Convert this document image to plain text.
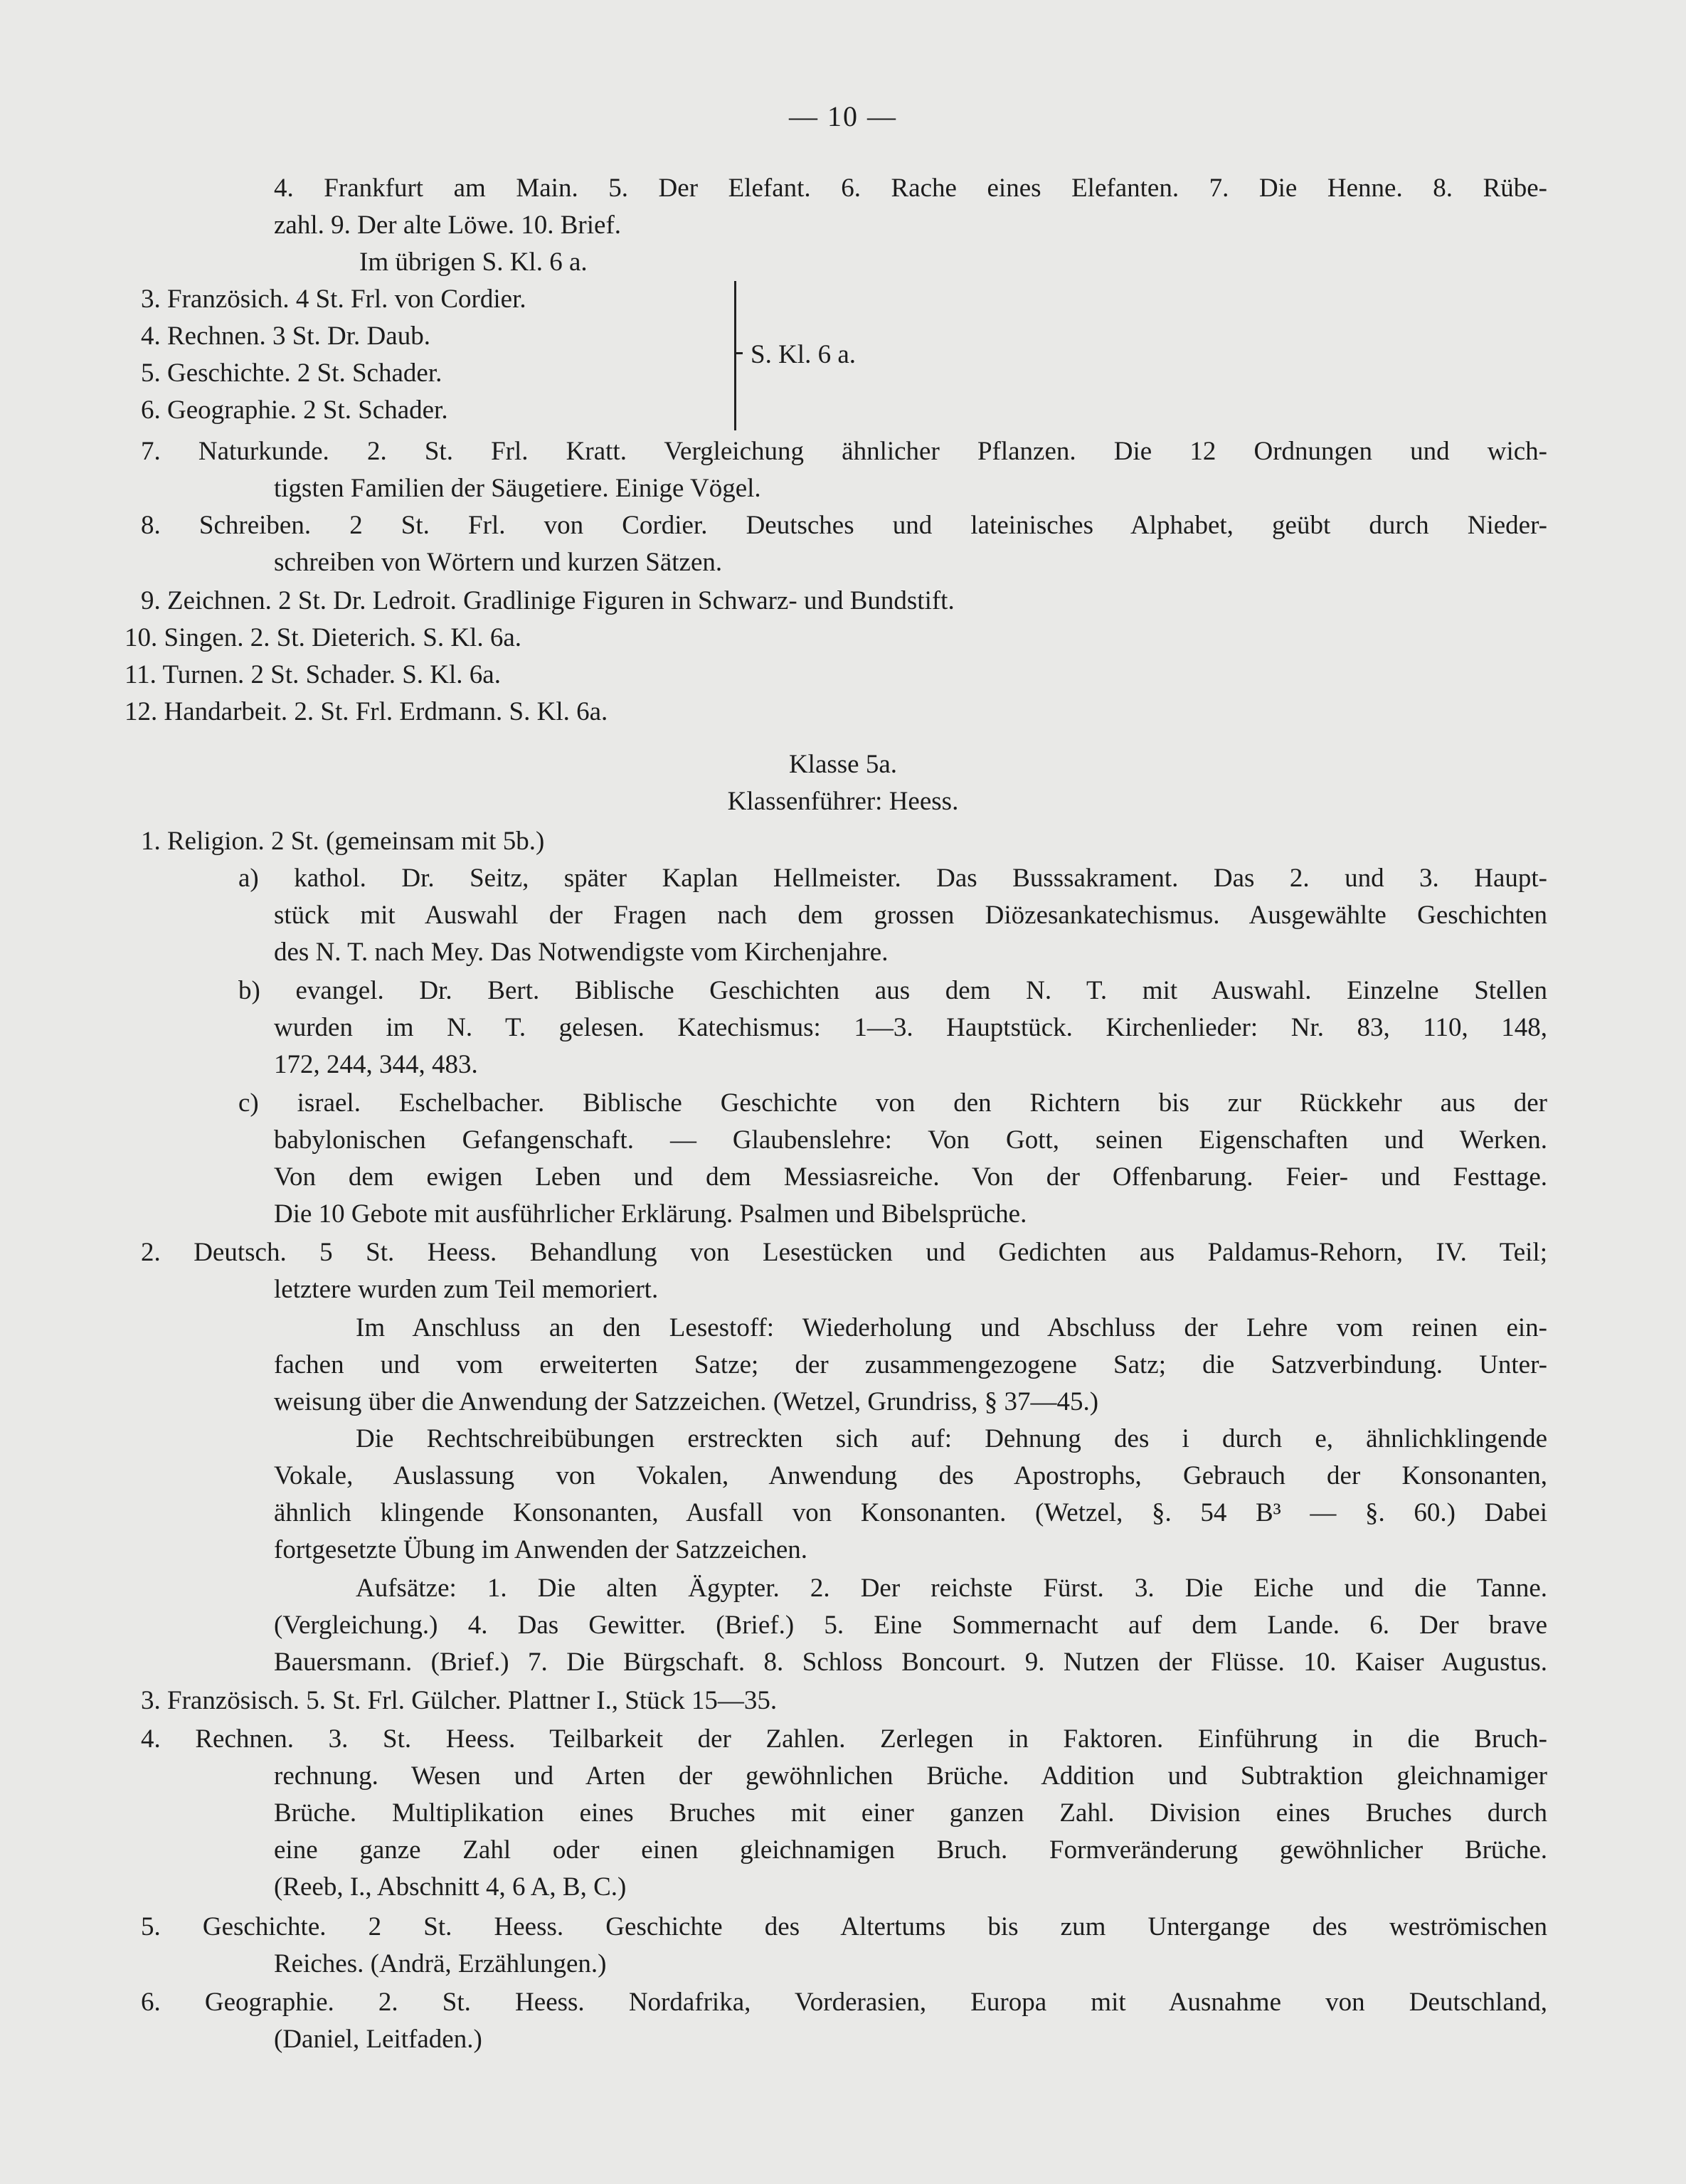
— 10 —
4. Frankfurt am Main. 5. Der Elefant. 6. Rache eines Elefanten. 7. Die Henne. 8. Rübe-
zahl. 9. Der alte Löwe. 10. Brief.
Im übrigen S. Kl. 6 a.
3. Französich. 4 St. Frl. von Cordier.
4. Rechnen. 3 St. Dr. Daub.
5. Geschichte. 2 St. Schader.
6. Geographie. 2 St. Schader.
S. Kl. 6 a.
7. Naturkunde. 2. St. Frl. Kratt. Vergleichung ähnlicher Pflanzen. Die 12 Ordnungen und wich-
tigsten Familien der Säugetiere. Einige Vögel.
8. Schreiben. 2 St. Frl. von Cordier. Deutsches und lateinisches Alphabet, geübt durch Nieder-
schreiben von Wörtern und kurzen Sätzen.
9. Zeichnen. 2 St. Dr. Ledroit. Gradlinige Figuren in Schwarz- und Bundstift.
10. Singen. 2. St. Dieterich. S. Kl. 6a.
11. Turnen. 2 St. Schader. S. Kl. 6a.
12. Handarbeit. 2. St. Frl. Erdmann. S. Kl. 6a.
Klasse 5a.
Klassenführer: Heess.
1. Religion. 2 St. (gemeinsam mit 5b.)
a) kathol. Dr. Seitz, später Kaplan Hellmeister. Das Busssakrament. Das 2. und 3. Haupt-
stück mit Auswahl der Fragen nach dem grossen Diözesankatechismus. Ausgewählte Geschichten
des N. T. nach Mey. Das Notwendigste vom Kirchenjahre.
b) evangel. Dr. Bert. Biblische Geschichten aus dem N. T. mit Auswahl. Einzelne Stellen
wurden im N. T. gelesen. Katechismus: 1—3. Hauptstück. Kirchenlieder: Nr. 83, 110, 148,
172, 244, 344, 483.
c) israel. Eschelbacher. Biblische Geschichte von den Richtern bis zur Rückkehr aus der
babylonischen Gefangenschaft. — Glaubenslehre: Von Gott, seinen Eigenschaften und Werken.
Von dem ewigen Leben und dem Messiasreiche. Von der Offenbarung. Feier- und Festtage.
Die 10 Gebote mit ausführlicher Erklärung. Psalmen und Bibelsprüche.
2. Deutsch. 5 St. Heess. Behandlung von Lesestücken und Gedichten aus Paldamus-Rehorn, IV. Teil;
letztere wurden zum Teil memoriert.
Im Anschluss an den Lesestoff: Wiederholung und Abschluss der Lehre vom reinen ein-
fachen und vom erweiterten Satze; der zusammengezogene Satz; die Satzverbindung. Unter-
weisung über die Anwendung der Satzzeichen. (Wetzel, Grundriss, § 37—45.)
Die Rechtschreibübungen erstreckten sich auf: Dehnung des i durch e, ähnlichklingende
Vokale, Auslassung von Vokalen, Anwendung des Apostrophs, Gebrauch der Konsonanten,
ähnlich klingende Konsonanten, Ausfall von Konsonanten. (Wetzel, §. 54 B³ — §. 60.) Dabei
fortgesetzte Übung im Anwenden der Satzzeichen.
Aufsätze: 1. Die alten Ägypter. 2. Der reichste Fürst. 3. Die Eiche und die Tanne.
(Vergleichung.) 4. Das Gewitter. (Brief.) 5. Eine Sommernacht auf dem Lande. 6. Der brave
Bauersmann. (Brief.) 7. Die Bürgschaft. 8. Schloss Boncourt. 9. Nutzen der Flüsse. 10. Kaiser Augustus.
3. Französisch. 5. St. Frl. Gülcher. Plattner I., Stück 15—35.
4. Rechnen. 3. St. Heess. Teilbarkeit der Zahlen. Zerlegen in Faktoren. Einführung in die Bruch-
rechnung. Wesen und Arten der gewöhnlichen Brüche. Addition und Subtraktion gleichnamiger
Brüche. Multiplikation eines Bruches mit einer ganzen Zahl. Division eines Bruches durch
eine ganze Zahl oder einen gleichnamigen Bruch. Formveränderung gewöhnlicher Brüche.
(Reeb, I., Abschnitt 4, 6 A, B, C.)
5. Geschichte. 2 St. Heess. Geschichte des Altertums bis zum Untergange des weströmischen
Reiches. (Andrä, Erzählungen.)
6. Geographie. 2. St. Heess. Nordafrika, Vorderasien, Europa mit Ausnahme von Deutschland,
(Daniel, Leitfaden.)
